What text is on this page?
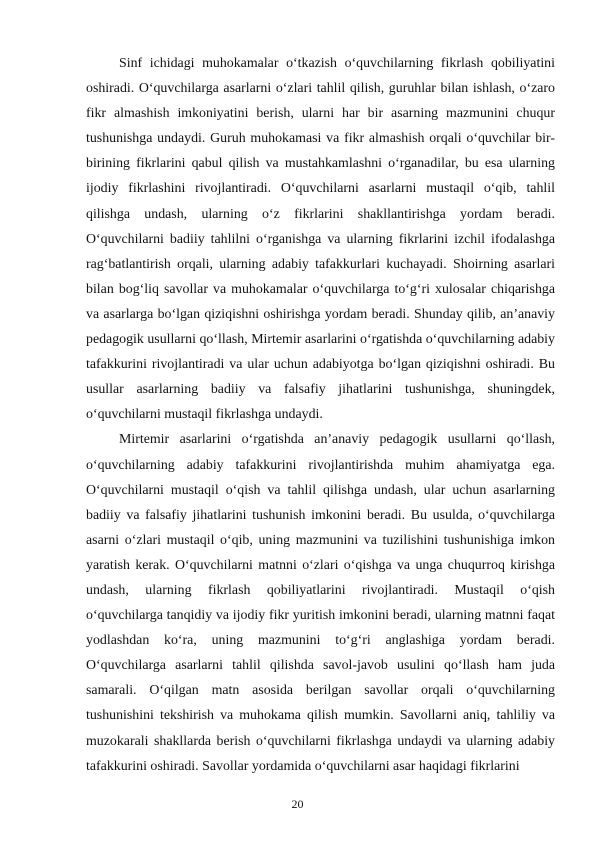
Sinf ichidagi muhokamalar o‘tkazish o‘quvchilarning fikrlash qobiliyatini oshiradi. O‘quvchilarga asarlarni o‘zlari tahlil qilish, guruhlar bilan ishlash, o‘zaro fikr almashish imkoniyatini berish, ularni har bir asarning mazmunini chuqur tushunishga undaydi. Guruh muhokamasi va fikr almashish orqali o‘quvchilar bir-birining fikrlarini qabul qilish va mustahkamlashni o‘rganadilar, bu esa ularning ijodiy fikrlashini rivojlantiradi. O‘quvchilarni asarlarni mustaqil o‘qib, tahlil qilishga undash, ularning o‘z fikrlarini shakllantirishga yordam beradi. O‘quvchilarni badiiy tahlilni o‘rganishga va ularning fikrlarini izchil ifodalashga rag‘batlantirish orqali, ularning adabiy tafakkurlari kuchayadi. Shoirning asarlari bilan bog‘liq savollar va muhokamalar o‘quvchilarga to‘g‘ri xulosalar chiqarishga va asarlarga bo‘lgan qiziqishni oshirishga yordam beradi. Shunday qilib, an’anaviy pedagogik usullarni qo‘llash, Mirtemir asarlarini o‘rgatishda o‘quvchilarning adabiy tafakkurini rivojlantiradi va ular uchun adabiyotga bo‘lgan qiziqishni oshiradi. Bu usullar asarlarning badiiy va falsafiy jihatlarini tushunishga, shuningdek, o‘quvchilarni mustaqil fikrlashga undaydi.

Mirtemir asarlarini o‘rgatishda an’anaviy pedagogik usullarni qo‘llash, o‘quvchilarning adabiy tafakkurini rivojlantirishda muhim ahamiyatga ega. O‘quvchilarni mustaqil o‘qish va tahlil qilishga undash, ular uchun asarlarning badiiy va falsafiy jihatlarini tushunish imkonini beradi. Bu usulda, o‘quvchilarga asarni o‘zlari mustaqil o‘qib, uning mazmunini va tuzilishini tushunishiga imkon yaratish kerak. O‘quvchilarni matnni o‘zlari o‘qishga va unga chuqurroq kirishga undash, ularning fikrlash qobiliyatlarini rivojlantiradi. Mustaqil o‘qish o‘quvchilarga tanqidiy va ijodiy fikr yuritish imkonini beradi, ularning matnni faqat yodlashdan ko‘ra, uning mazmunini to‘g‘ri anglashiga yordam beradi. O‘quvchilarga asarlarni tahlil qilishda savol-javob usulini qo‘llash ham juda samarali. O‘qilgan matn asosida berilgan savollar orqali o‘quvchilarning tushunishini tekshirish va muhokama qilish mumkin. Savollarni aniq, tahliliy va muzokarali shakllarda berish o‘quvchilarni fikrlashga undaydi va ularning adabiy tafakkurini oshiradi. Savollar yordamida o‘quvchilarni asar haqidagi fikrlarini

20
